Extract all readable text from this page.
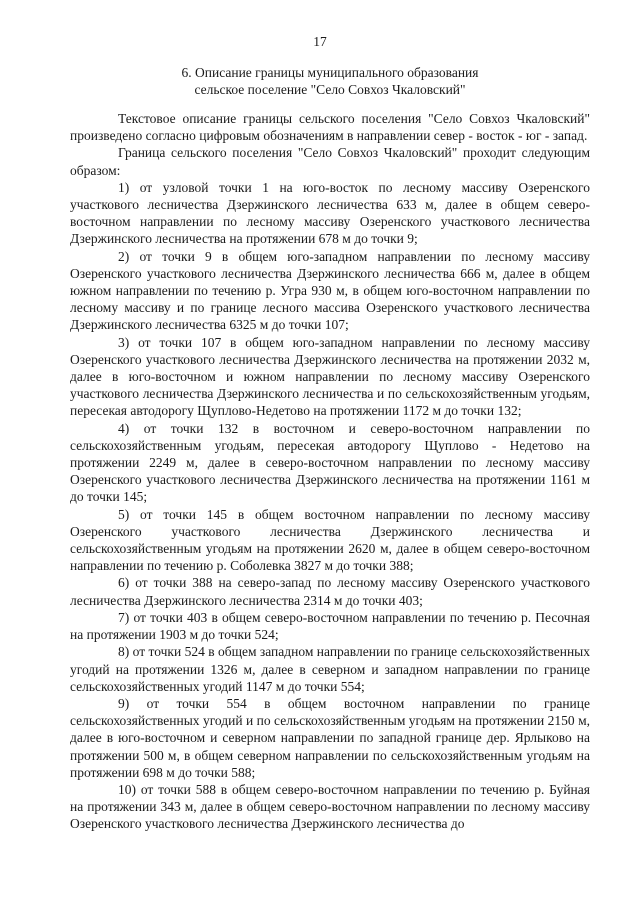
17
6. Описание границы муниципального образования
сельское поселение "Село Совхоз Чкаловский"

Текстовое описание границы сельского поселения "Село Совхоз Чкаловский" произведено согласно цифровым обозначениям в направлении север - восток - юг - запад.

Граница сельского поселения "Село Совхоз Чкаловский" проходит следующим образом:

1) от узловой точки 1 на юго-восток по лесному массиву Озеренского участкового лесничества Дзержинского лесничества 633 м, далее в общем северо-восточном направлении по лесному массиву Озеренского участкового лесничества Дзержинского лесничества на протяжении 678 м до точки 9;

2) от точки 9 в общем юго-западном направлении по лесному массиву Озеренского участкового лесничества Дзержинского лесничества 666 м, далее в общем южном направлении по течению р. Угра 930 м, в общем юго-восточном направлении по лесному массиву и по границе лесного массива Озеренского участкового лесничества Дзержинского лесничества 6325 м до точки 107;

3) от точки 107 в общем юго-западном направлении по лесному массиву Озеренского участкового лесничества Дзержинского лесничества на протяжении 2032 м, далее в юго-восточном и южном направлении по лесному массиву Озеренского участкового лесничества Дзержинского лесничества и по сельскохозяйственным угодьям, пересекая автодорогу Щуплово-Недетово на протяжении 1172 м до точки 132;

4) от точки 132 в восточном и северо-восточном направлении по сельскохозяйственным угодьям, пересекая автодорогу Щуплово - Недетово на протяжении 2249 м, далее в северо-восточном направлении по лесному массиву Озеренского участкового лесничества Дзержинского лесничества на протяжении 1161 м до точки 145;

5) от точки 145 в общем восточном направлении по лесному массиву Озеренского участкового лесничества Дзержинского лесничества и сельскохозяйственным угодьям на протяжении 2620 м, далее в общем северо-восточном направлении по течению р. Соболевка 3827 м до точки 388;

6) от точки 388 на северо-запад по лесному массиву Озеренского участкового лесничества Дзержинского лесничества 2314 м до точки 403;

7) от точки 403 в общем северо-восточном направлении по течению р. Песочная на протяжении 1903 м до точки 524;

8) от точки 524 в общем западном направлении по границе сельскохозяйственных угодий на протяжении 1326 м, далее в северном и западном направлении по границе сельскохозяйственных угодий 1147 м до точки 554;

9) от точки 554 в общем восточном направлении по границе сельскохозяйственных угодий и по сельскохозяйственным угодьям на протяжении 2150 м, далее в юго-восточном и северном направлении по западной границе дер. Ярлыково на протяжении 500 м, в общем северном направлении по сельскохозяйственным угодьям на протяжении 698 м до точки 588;

10) от точки 588 в общем северо-восточном направлении по течению р. Буйная на протяжении 343 м, далее в общем северо-восточном направлении по лесному массиву Озеренского участкового лесничества Дзержинского лесничества до
